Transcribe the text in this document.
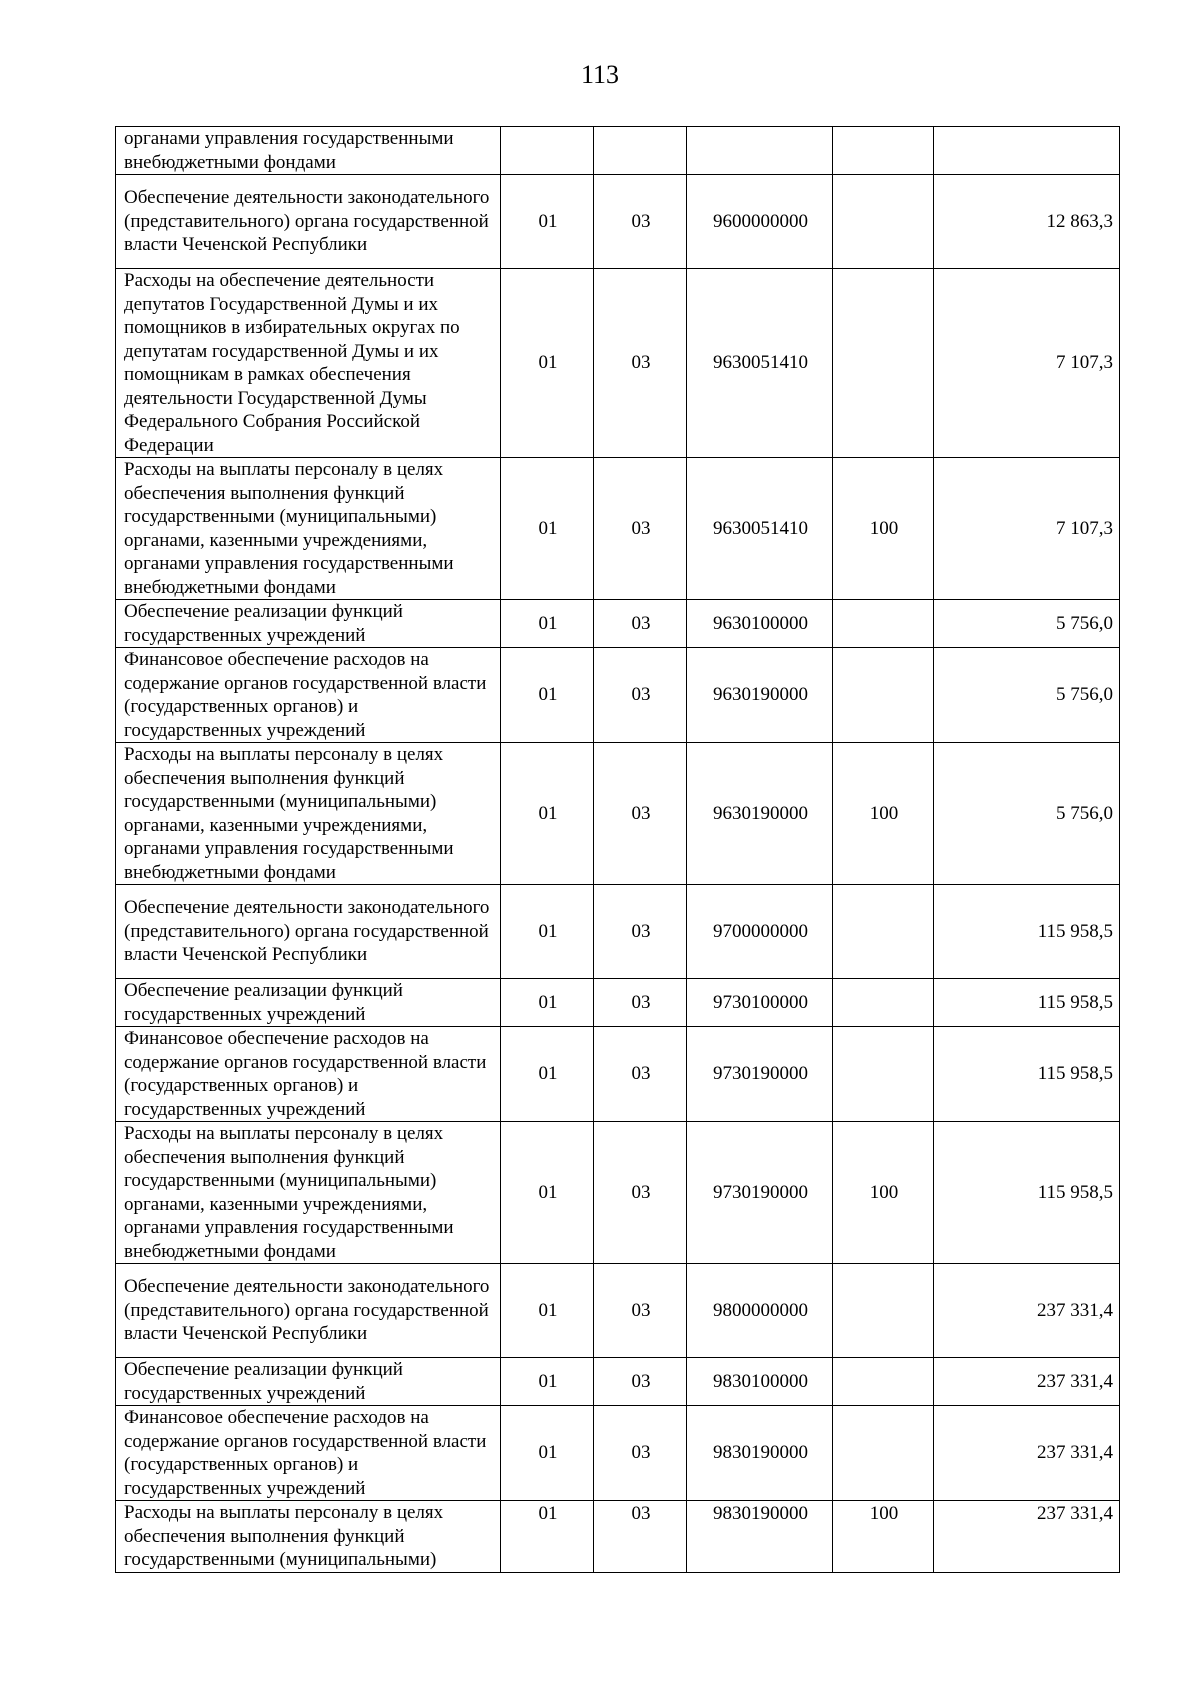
113
органами управления государственными внебюджетными фондами					
Обеспечение деятельности законодательного (представительного) органа государственной власти Чеченской Республики	01	03	9600000000		12 863,3
Расходы на обеспечение деятельности депутатов Государственной Думы и их помощников в избирательных округах по депутатам государственной Думы и их помощникам в рамках обеспечения деятельности Государственной Думы Федерального Собрания Российской Федерации	01	03	9630051410		7 107,3
Расходы на выплаты персоналу в целях обеспечения выполнения функций государственными (муниципальными) органами, казенными учреждениями, органами управления государственными внебюджетными фондами	01	03	9630051410	100	7 107,3
Обеспечение реализации функций государственных учреждений	01	03	9630100000		5 756,0
Финансовое обеспечение расходов на содержание органов государственной власти (государственных органов) и государственных учреждений	01	03	9630190000		5 756,0
Расходы на выплаты персоналу в целях обеспечения выполнения функций государственными (муниципальными) органами, казенными учреждениями, органами управления государственными внебюджетными фондами	01	03	9630190000	100	5 756,0
Обеспечение деятельности законодательного (представительного) органа государственной власти Чеченской Республики	01	03	9700000000		115 958,5
Обеспечение реализации функций государственных учреждений	01	03	9730100000		115 958,5
Финансовое обеспечение расходов на содержание органов государственной власти (государственных органов) и государственных учреждений	01	03	9730190000		115 958,5
Расходы на выплаты персоналу в целях обеспечения выполнения функций государственными (муниципальными) органами, казенными учреждениями, органами управления государственными внебюджетными фондами	01	03	9730190000	100	115 958,5
Обеспечение деятельности законодательного (представительного) органа государственной власти Чеченской Республики	01	03	9800000000		237 331,4
Обеспечение реализации функций государственных учреждений	01	03	9830100000		237 331,4
Финансовое обеспечение расходов на содержание органов государственной власти (государственных органов) и государственных учреждений	01	03	9830190000		237 331,4
Расходы на выплаты персоналу в целях обеспечения выполнения функций государственными (муниципальными)	01	03	9830190000	100	237 331,4
